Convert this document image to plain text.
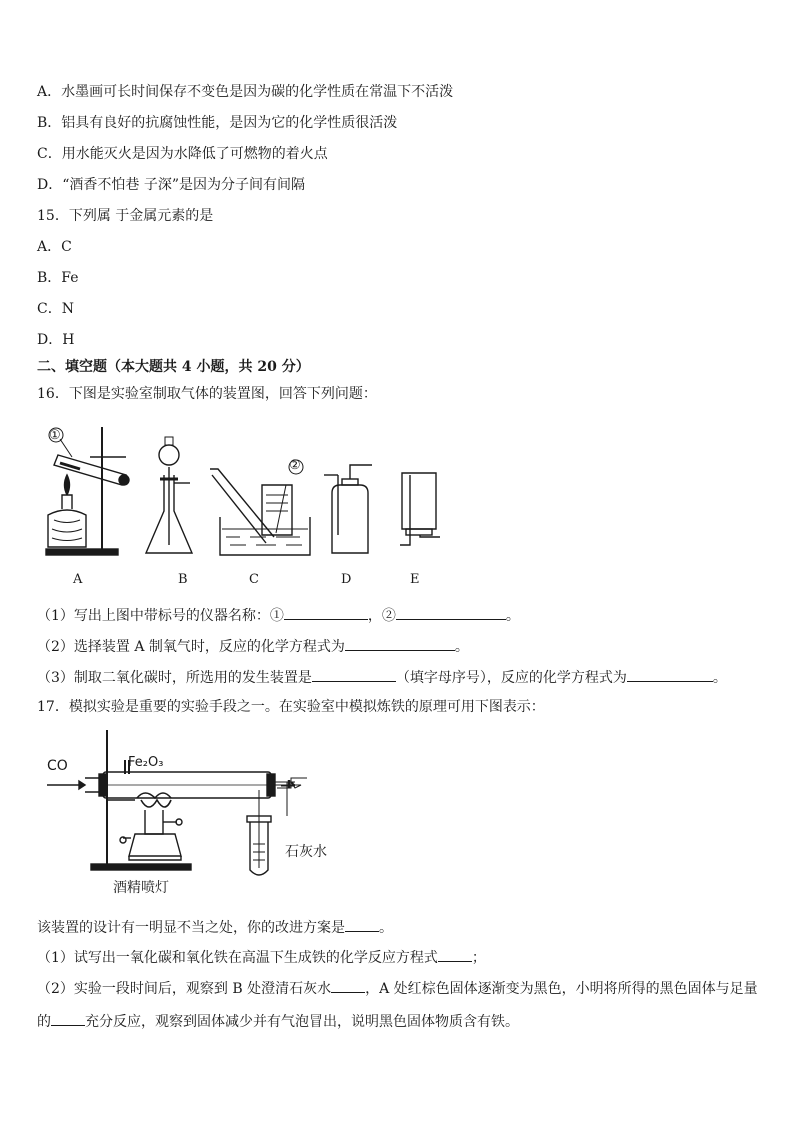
A．水墨画可长时间保存不变色是因为碳的化学性质在常温下不活泼
B．铝具有良好的抗腐蚀性能，是因为它的化学性质很活泼
C．用水能灭火是因为水降低了可燃物的着火点
D．“酒香不怕巷 子深”是因为分子间有间隔
15．下列属 于金属元素的是
A．C
B．Fe
C．N
D．H
二、填空题（本大题共 4 小题，共 20 分）
16．下图是实验室制取气体的装置图，回答下列问题：
①
②
A	B	C	D	E
（1）写出上图中带标号的仪器名称：①	，②	。
（2）选择装置 A 制氧气时，反应的化学方程式为	。
（3）制取二氧化碳时，所选用的发生装置是	（填字母序号），反应的化学方程式为	。
17．模拟实验是重要的实验手段之一。在实验室中模拟炼铁的原理可用下图表示：
CO	Fe₂O₃
石灰水
酒精喷灯
该装置的设计有一明显不当之处，你的改进方案是 。
（1）试写出一氧化碳和氧化铁在高温下生成铁的化学反应方程式 ；
（2）实验一段时间后，观察到 B 处澄清石灰水 ，A 处红棕色固体逐渐变为黑色，小明将所得的黑色固体与足量
的 充分反应，观察到固体减少并有气泡冒出，说明黑色固体物质含有铁。
